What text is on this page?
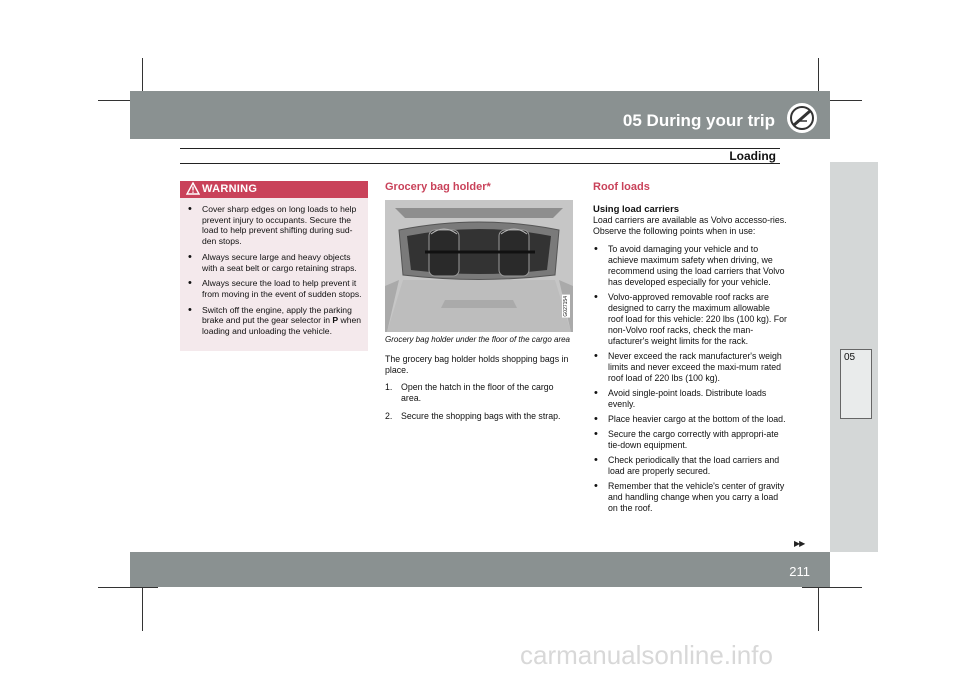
05 During your trip
Loading
05
WARNING
• Cover sharp edges on long loads to help prevent injury to occupants. Secure the load to help prevent shifting during sud-den stops.
• Always secure large and heavy objects with a seat belt or cargo retaining straps.
• Always secure the load to help prevent it from moving in the event of sudden stops.
• Switch off the engine, apply the parking brake and put the gear selector in P when loading and unloading the vehicle.
Grocery bag holder*
G027154
Grocery bag holder under the floor of the cargo area

The grocery bag holder holds shopping bags in place.

1. Open the hatch in the floor of the cargo area.
2. Secure the shopping bags with the strap.
Roof loads
Using load carriers

Load carriers are available as Volvo accesso-ries. Observe the following points when in use:

• To avoid damaging your vehicle and to achieve maximum safety when driving, we recommend using the load carriers that Volvo has developed especially for your vehicle.
• Volvo-approved removable roof racks are designed to carry the maximum allowable roof load for this vehicle: 220 lbs (100 kg). For non-Volvo roof racks, check the man-ufacturer's weight limits for the rack.
• Never exceed the rack manufacturer's weigh limits and never exceed the maxi-mum rated roof load of 220 lbs (100 kg).
• Avoid single-point loads. Distribute loads evenly.
• Place heavier cargo at the bottom of the load.
• Secure the cargo correctly with appropri-ate tie-down equipment.
• Check periodically that the load carriers and load are properly secured.
• Remember that the vehicle's center of gravity and handling change when you carry a load on the roof.
▶▶
211
carmanualsonline.info
